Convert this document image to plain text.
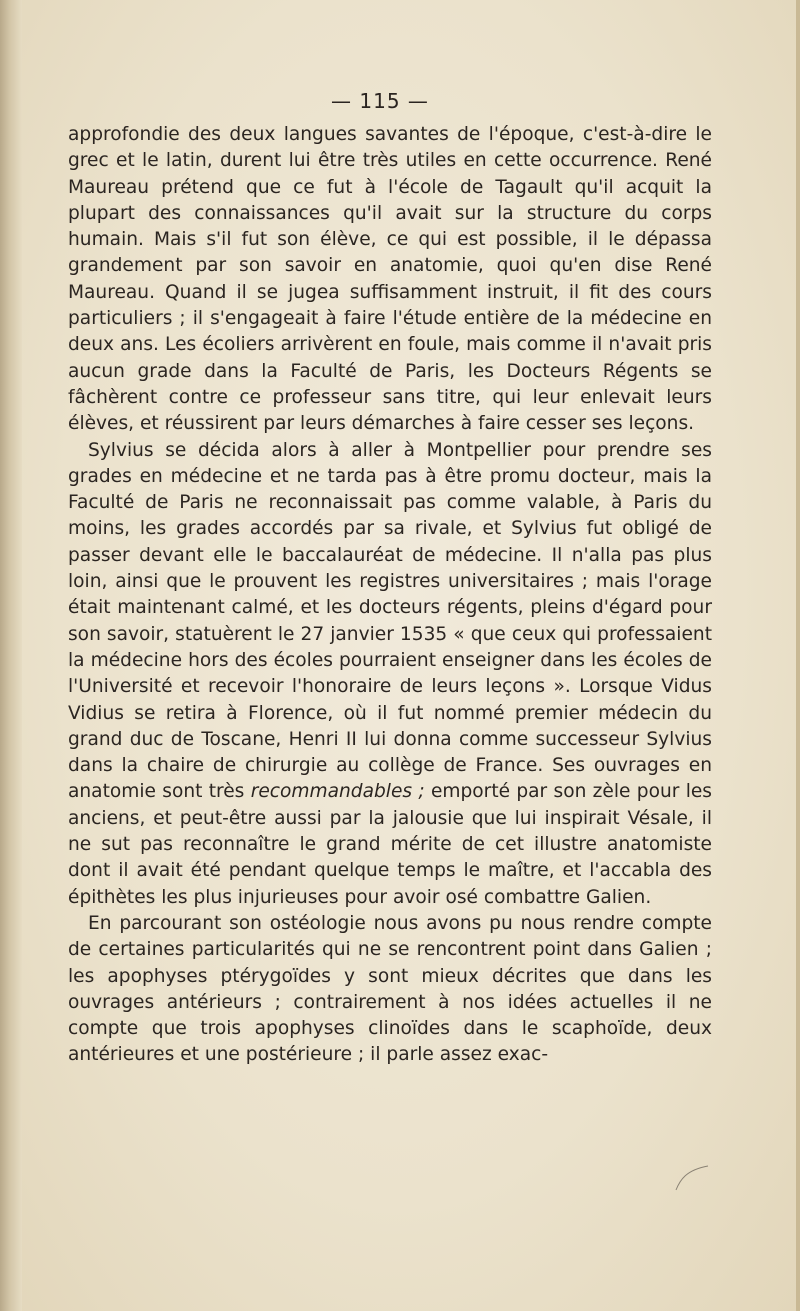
— 115 —

approfondie des deux langues savantes de l'époque, c'est-à-dire le grec et le latin, durent lui être très utiles en cette occurrence. René Maureau prétend que ce fut à l'école de Tagault qu'il acquit la plupart des connaissances qu'il avait sur la structure du corps humain. Mais s'il fut son élève, ce qui est possible, il le dépassa grandement par son savoir en anatomie, quoi qu'en dise René Maureau. Quand il se jugea suffisamment instruit, il fit des cours particuliers ; il s'engageait à faire l'étude entière de la médecine en deux ans. Les écoliers arrivèrent en foule, mais comme il n'avait pris aucun grade dans la Faculté de Paris, les Docteurs Régents se fâchèrent contre ce professeur sans titre, qui leur enlevait leurs élèves, et réussirent par leurs démarches à faire cesser ses leçons.

Sylvius se décida alors à aller à Montpellier pour prendre ses grades en médecine et ne tarda pas à être promu docteur, mais la Faculté de Paris ne reconnaissait pas comme valable, à Paris du moins, les grades accordés par sa rivale, et Sylvius fut obligé de passer devant elle le baccalauréat de médecine. Il n'alla pas plus loin, ainsi que le prouvent les registres universitaires ; mais l'orage était maintenant calmé, et les docteurs régents, pleins d'égard pour son savoir, statuèrent le 27 janvier 1535 « que ceux qui professaient la médecine hors des écoles pourraient enseigner dans les écoles de l'Université et recevoir l'honoraire de leurs leçons ». Lorsque Vidus Vidius se retira à Florence, où il fut nommé premier médecin du grand duc de Toscane, Henri II lui donna comme successeur Sylvius dans la chaire de chirurgie au collège de France. Ses ouvrages en anatomie sont très recommandables ; emporté par son zèle pour les anciens, et peut-être aussi par la jalousie que lui inspirait Vésale, il ne sut pas reconnaître le grand mérite de cet illustre anatomiste dont il avait été pendant quelque temps le maître, et l'accabla des épithètes les plus injurieuses pour avoir osé combattre Galien.

En parcourant son ostéologie nous avons pu nous rendre compte de certaines particularités qui ne se rencontrent point dans Galien ; les apophyses ptérygoïdes y sont mieux décrites que dans les ouvrages antérieurs ; contrairement à nos idées actuelles il ne compte que trois apophyses clinoïdes dans le scaphoïde, deux antérieures et une postérieure ; il parle assez exac-
